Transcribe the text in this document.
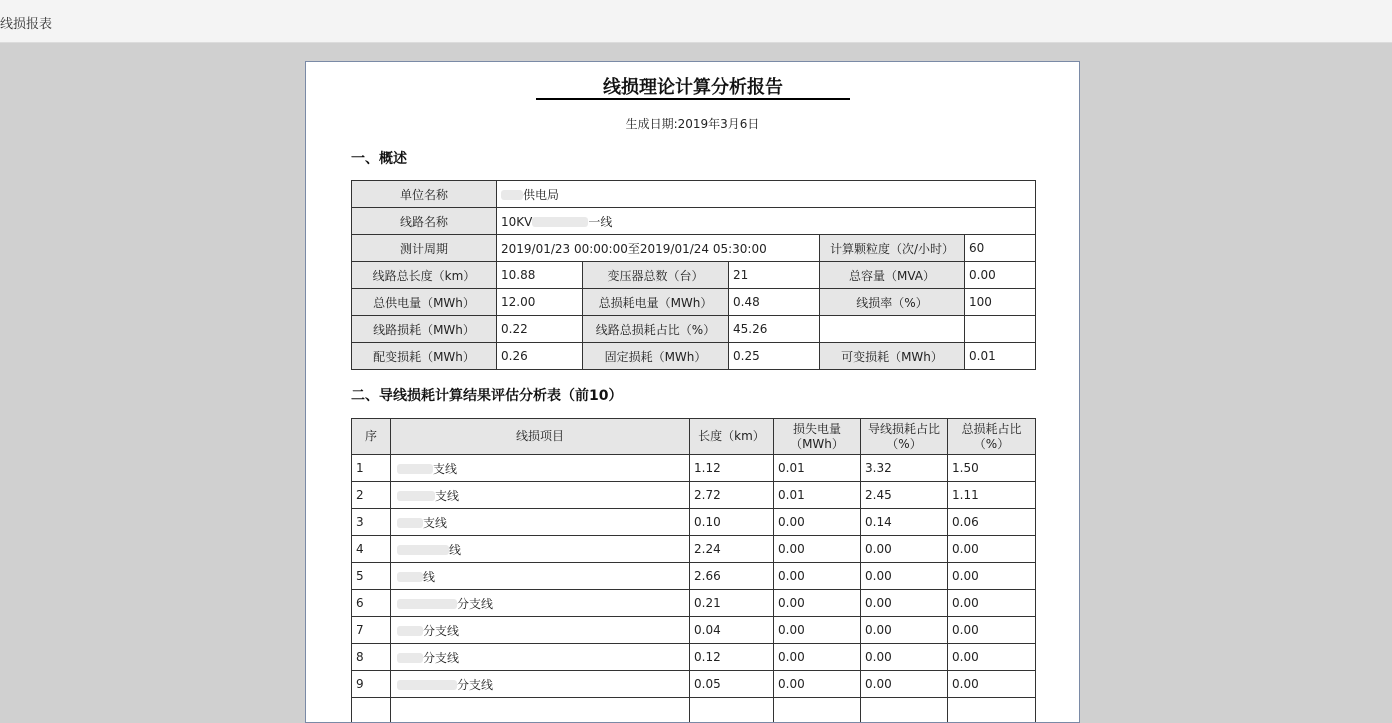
线损报表
线损理论计算分析报告
生成日期:2019年3月6日
一、概述
单位名称	供电局				
线路名称	10KV 一线				
测计周期	2019/01/23 00:00:00至2019/01/24 05:30:00			计算颗粒度（次/小时）	60
线路总长度（km）	10.88	变压器总数（台）	21	总容量（MVA）	0.00
总供电量（MWh）	12.00	总损耗电量（MWh）	0.48	线损率（%）	100
线路损耗（MWh）	0.22	线路总损耗占比（%）	45.26		
配变损耗（MWh）	0.26	固定损耗（MWh）	0.25	可变损耗（MWh）	0.01
二、导线损耗计算结果评估分析表（前10）
序	线损项目	长度（km）	损失电量（MWh）	导线损耗占比（%）	总损耗占比（%）
1	支线	1.12	0.01	3.32	1.50
2	支线	2.72	0.01	2.45	1.11
3	支线	0.10	0.00	0.14	0.06
4	线	2.24	0.00	0.00	0.00
5	线	2.66	0.00	0.00	0.00
6	分支线	0.21	0.00	0.00	0.00
7	分支线	0.04	0.00	0.00	0.00
8	分支线	0.12	0.00	0.00	0.00
9	分支线	0.05	0.00	0.00	0.00
